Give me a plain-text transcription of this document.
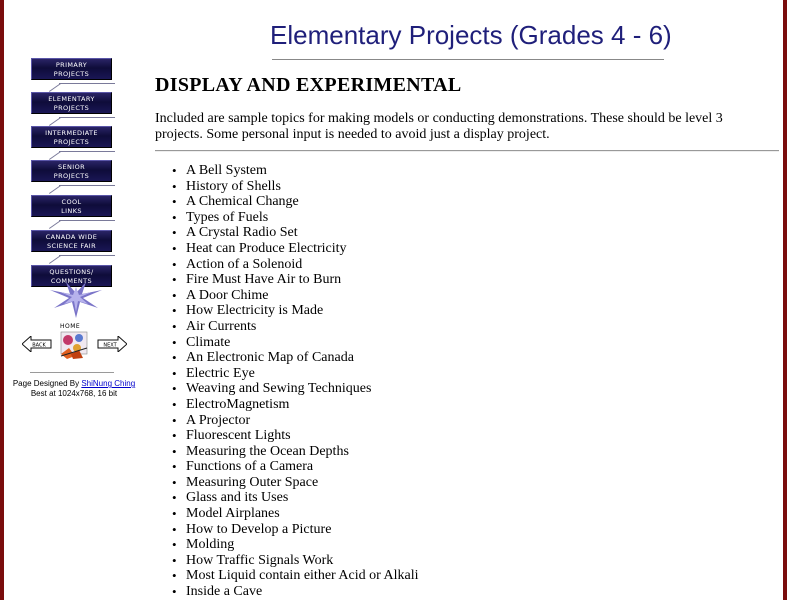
PRIMARY
PROJECTS
ELEMENTARY
PROJECTS
INTERMEDIATE
PROJECTS
SENIOR
PROJECTS
COOL
LINKS
CANADA WIDE
SCIENCE FAIR
QUESTIONS/
COMMENTS
HOME
BACK	NEXT
Page Designed By ShiNung Ching
Best at 1024x768, 16 bit
Elementary Projects (Grades 4 - 6)
DISPLAY AND EXPERIMENTAL
Included are sample topics for making models or conducting demonstrations. These should be level 3 projects. Some personal input is needed to avoid just a display project.
• A Bell System
• History of Shells
• A Chemical Change
• Types of Fuels
• A Crystal Radio Set
• Heat can Produce Electricity
• Action of a Solenoid
• Fire Must Have Air to Burn
• A Door Chime
• How Electricity is Made
• Air Currents
• Climate
• An Electronic Map of Canada
• Electric Eye
• Weaving and Sewing Techniques
• ElectroMagnetism
• A Projector
• Fluorescent Lights
• Measuring the Ocean Depths
• Functions of a Camera
• Measuring Outer Space
• Glass and its Uses
• Model Airplanes
• How to Develop a Picture
• Molding
• How Traffic Signals Work
• Most Liquid contain either Acid or Alkali
• Inside a Cave
